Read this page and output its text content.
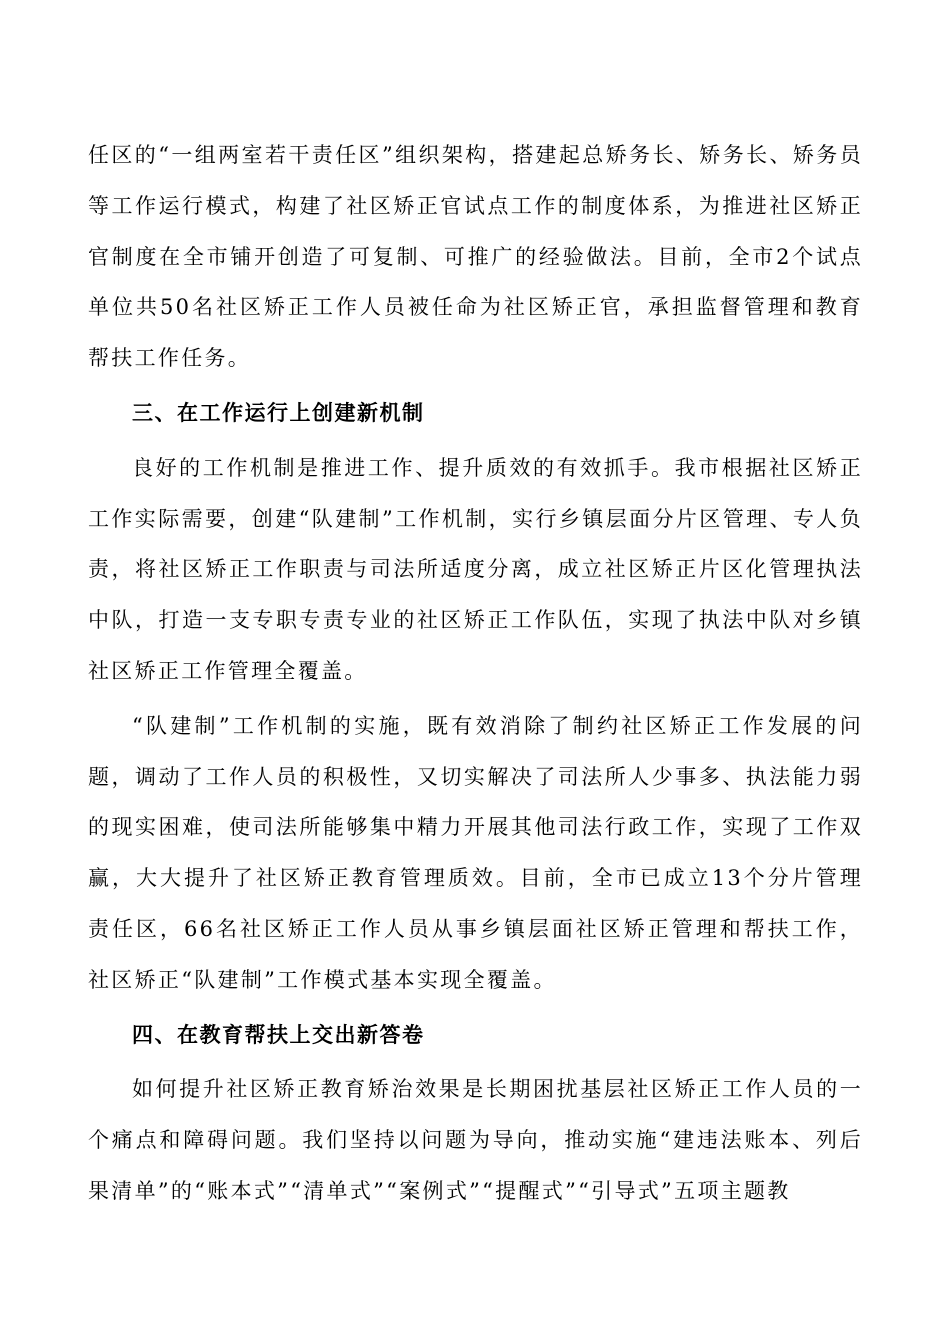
任区的“一组两室若干责任区”组织架构，搭建起总矫务长、矫务长、矫务员等工作运行模式，构建了社区矫正官试点工作的制度体系，为推进社区矫正官制度在全市铺开创造了可复制、可推广的经验做法。目前，全市2个试点单位共50名社区矫正工作人员被任命为社区矫正官，承担监督管理和教育帮扶工作任务。

三、在工作运行上创建新机制

良好的工作机制是推进工作、提升质效的有效抓手。我市根据社区矫正工作实际需要，创建“队建制”工作机制，实行乡镇层面分片区管理、专人负责，将社区矫正工作职责与司法所适度分离，成立社区矫正片区化管理执法中队，打造一支专职专责专业的社区矫正工作队伍，实现了执法中队对乡镇社区矫正工作管理全覆盖。

“队建制”工作机制的实施，既有效消除了制约社区矫正工作发展的问题，调动了工作人员的积极性，又切实解决了司法所人少事多、执法能力弱的现实困难，使司法所能够集中精力开展其他司法行政工作，实现了工作双赢，大大提升了社区矫正教育管理质效。目前，全市已成立13个分片管理责任区，66名社区矫正工作人员从事乡镇层面社区矫正管理和帮扶工作，社区矫正“队建制”工作模式基本实现全覆盖。

四、在教育帮扶上交出新答卷

如何提升社区矫正教育矫治效果是长期困扰基层社区矫正工作人员的一个痛点和障碍问题。我们坚持以问题为导向，推动实施“建违法账本、列后果清单”的“账本式”“清单式”“案例式”“提醒式”“引导式”五项主题教
